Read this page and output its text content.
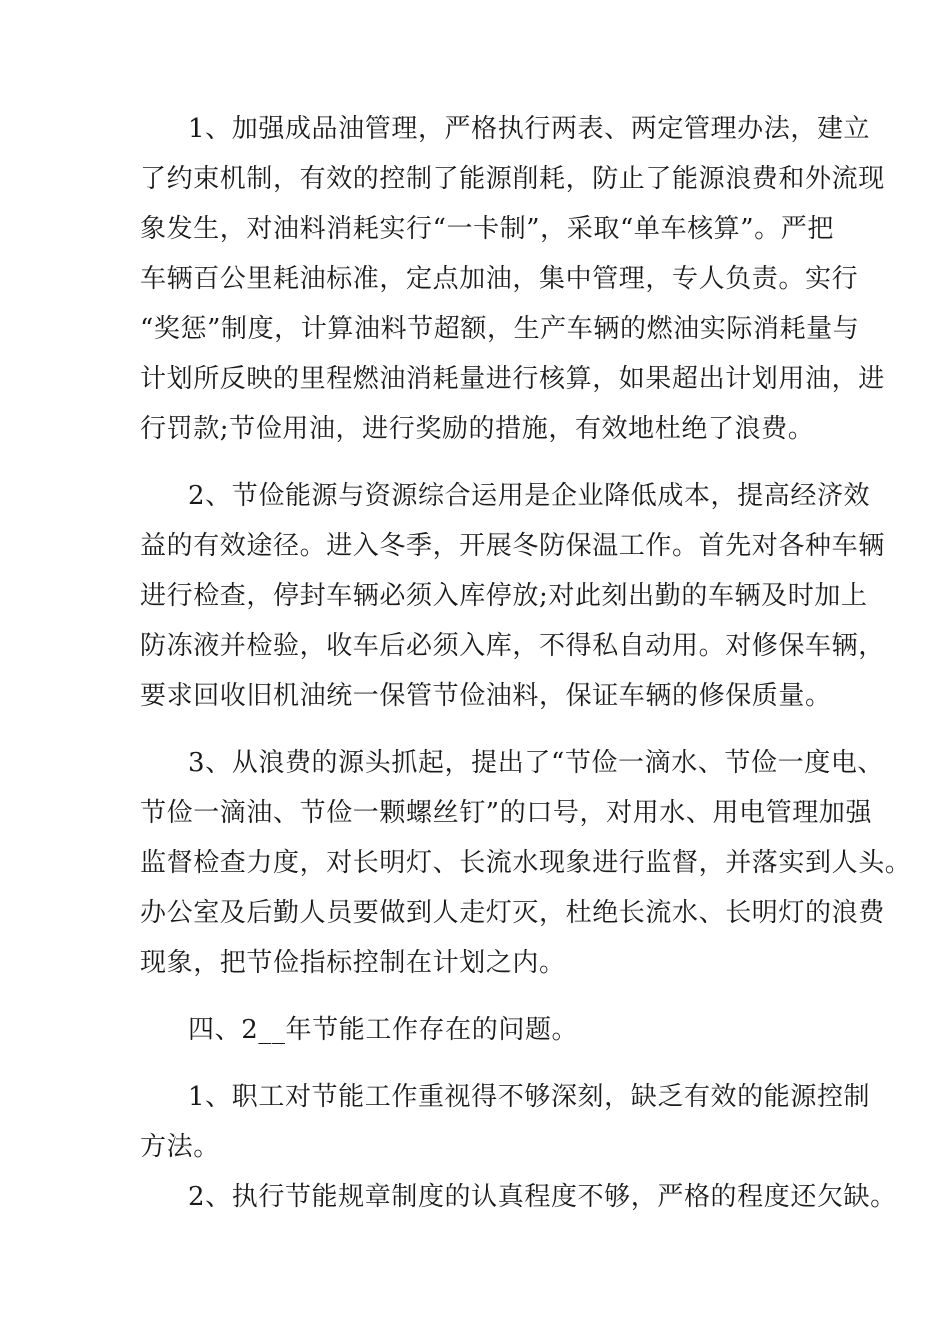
1、加强成品油管理，严格执行两表、两定管理办法，建立
了约束机制，有效的控制了能源削耗，防止了能源浪费和外流现
象发生，对油料消耗实行“一卡制”，采取“单车核算”。严把
车辆百公里耗油标准，定点加油，集中管理，专人负责。实行
“奖惩”制度，计算油料节超额，生产车辆的燃油实际消耗量与
计划所反映的里程燃油消耗量进行核算，如果超出计划用油，进
行罚款;节俭用油，进行奖励的措施，有效地杜绝了浪费。
2、节俭能源与资源综合运用是企业降低成本，提高经济效
益的有效途径。进入冬季，开展冬防保温工作。首先对各种车辆
进行检查，停封车辆必须入库停放;对此刻出勤的车辆及时加上
防冻液并检验，收车后必须入库，不得私自动用。对修保车辆，
要求回收旧机油统一保管节俭油料，保证车辆的修保质量。
3、从浪费的源头抓起，提出了“节俭一滴水、节俭一度电、
节俭一滴油、节俭一颗螺丝钉”的口号，对用水、用电管理加强
监督检查力度，对长明灯、长流水现象进行监督，并落实到人头。
办公室及后勤人员要做到人走灯灭，杜绝长流水、长明灯的浪费
现象，把节俭指标控制在计划之内。
四、2__年节能工作存在的问题。
1、职工对节能工作重视得不够深刻，缺乏有效的能源控制
方法。
2、执行节能规章制度的认真程度不够，严格的程度还欠缺。
